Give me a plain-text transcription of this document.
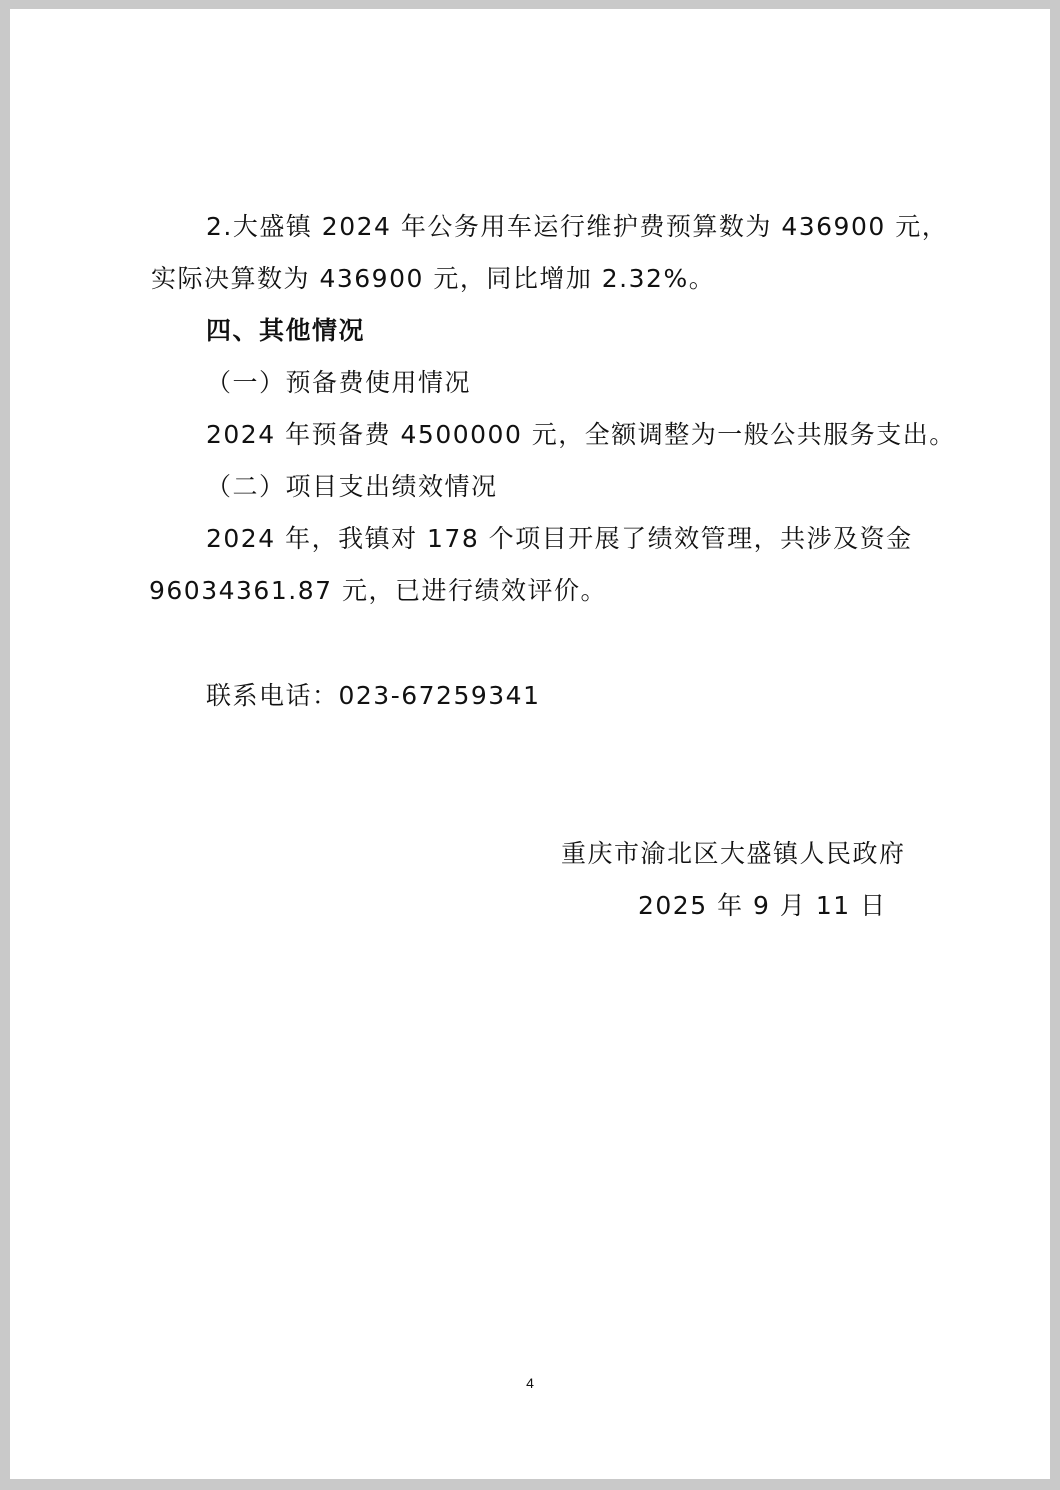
2.大盛镇 2024 年公务用车运行维护费预算数为 436900 元，
实际决算数为 436900 元，同比增加 2.32%。
四、其他情况
（一）预备费使用情况
2024 年预备费 4500000 元，全额调整为一般公共服务支出。
（二）项目支出绩效情况
2024 年，我镇对 178 个项目开展了绩效管理，共涉及资金
96034361.87 元，已进行绩效评价。
联系电话：023-67259341
重庆市渝北区大盛镇人民政府
2025 年 9 月 11 日
4
